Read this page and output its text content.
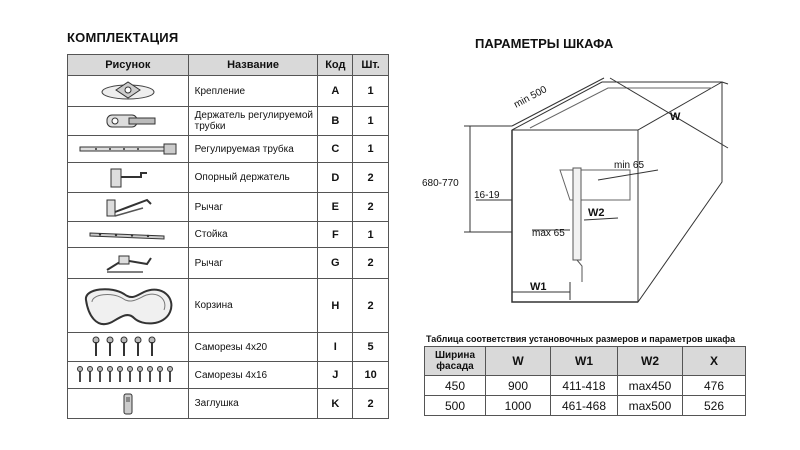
КОМПЛЕКТАЦИЯ
Рисунок	Название	Код	Шт.

	Крепление	A	1

	Держатель регулируемой трубки	B	1

	Регулируемая трубка	C	1

	Опорный держатель	D	2

	Рычаг	E	2

	Стойка	F	1

	Рычаг	G	2

	Корзина	H	2

	Саморезы 4x20	I	5

	Саморезы 4x16	J	10

	Заглушка	K	2
ПАРАМЕТРЫ ШКАФА
min 500
W
680-770
min 65
16-19
W2
max 65
W1
Таблица соответствия установочных размеров и параметров шкафа
Ширина фасада	W	W1	W2	X
450	900	411-418	max450	476
500	1000	461-468	max500	526
